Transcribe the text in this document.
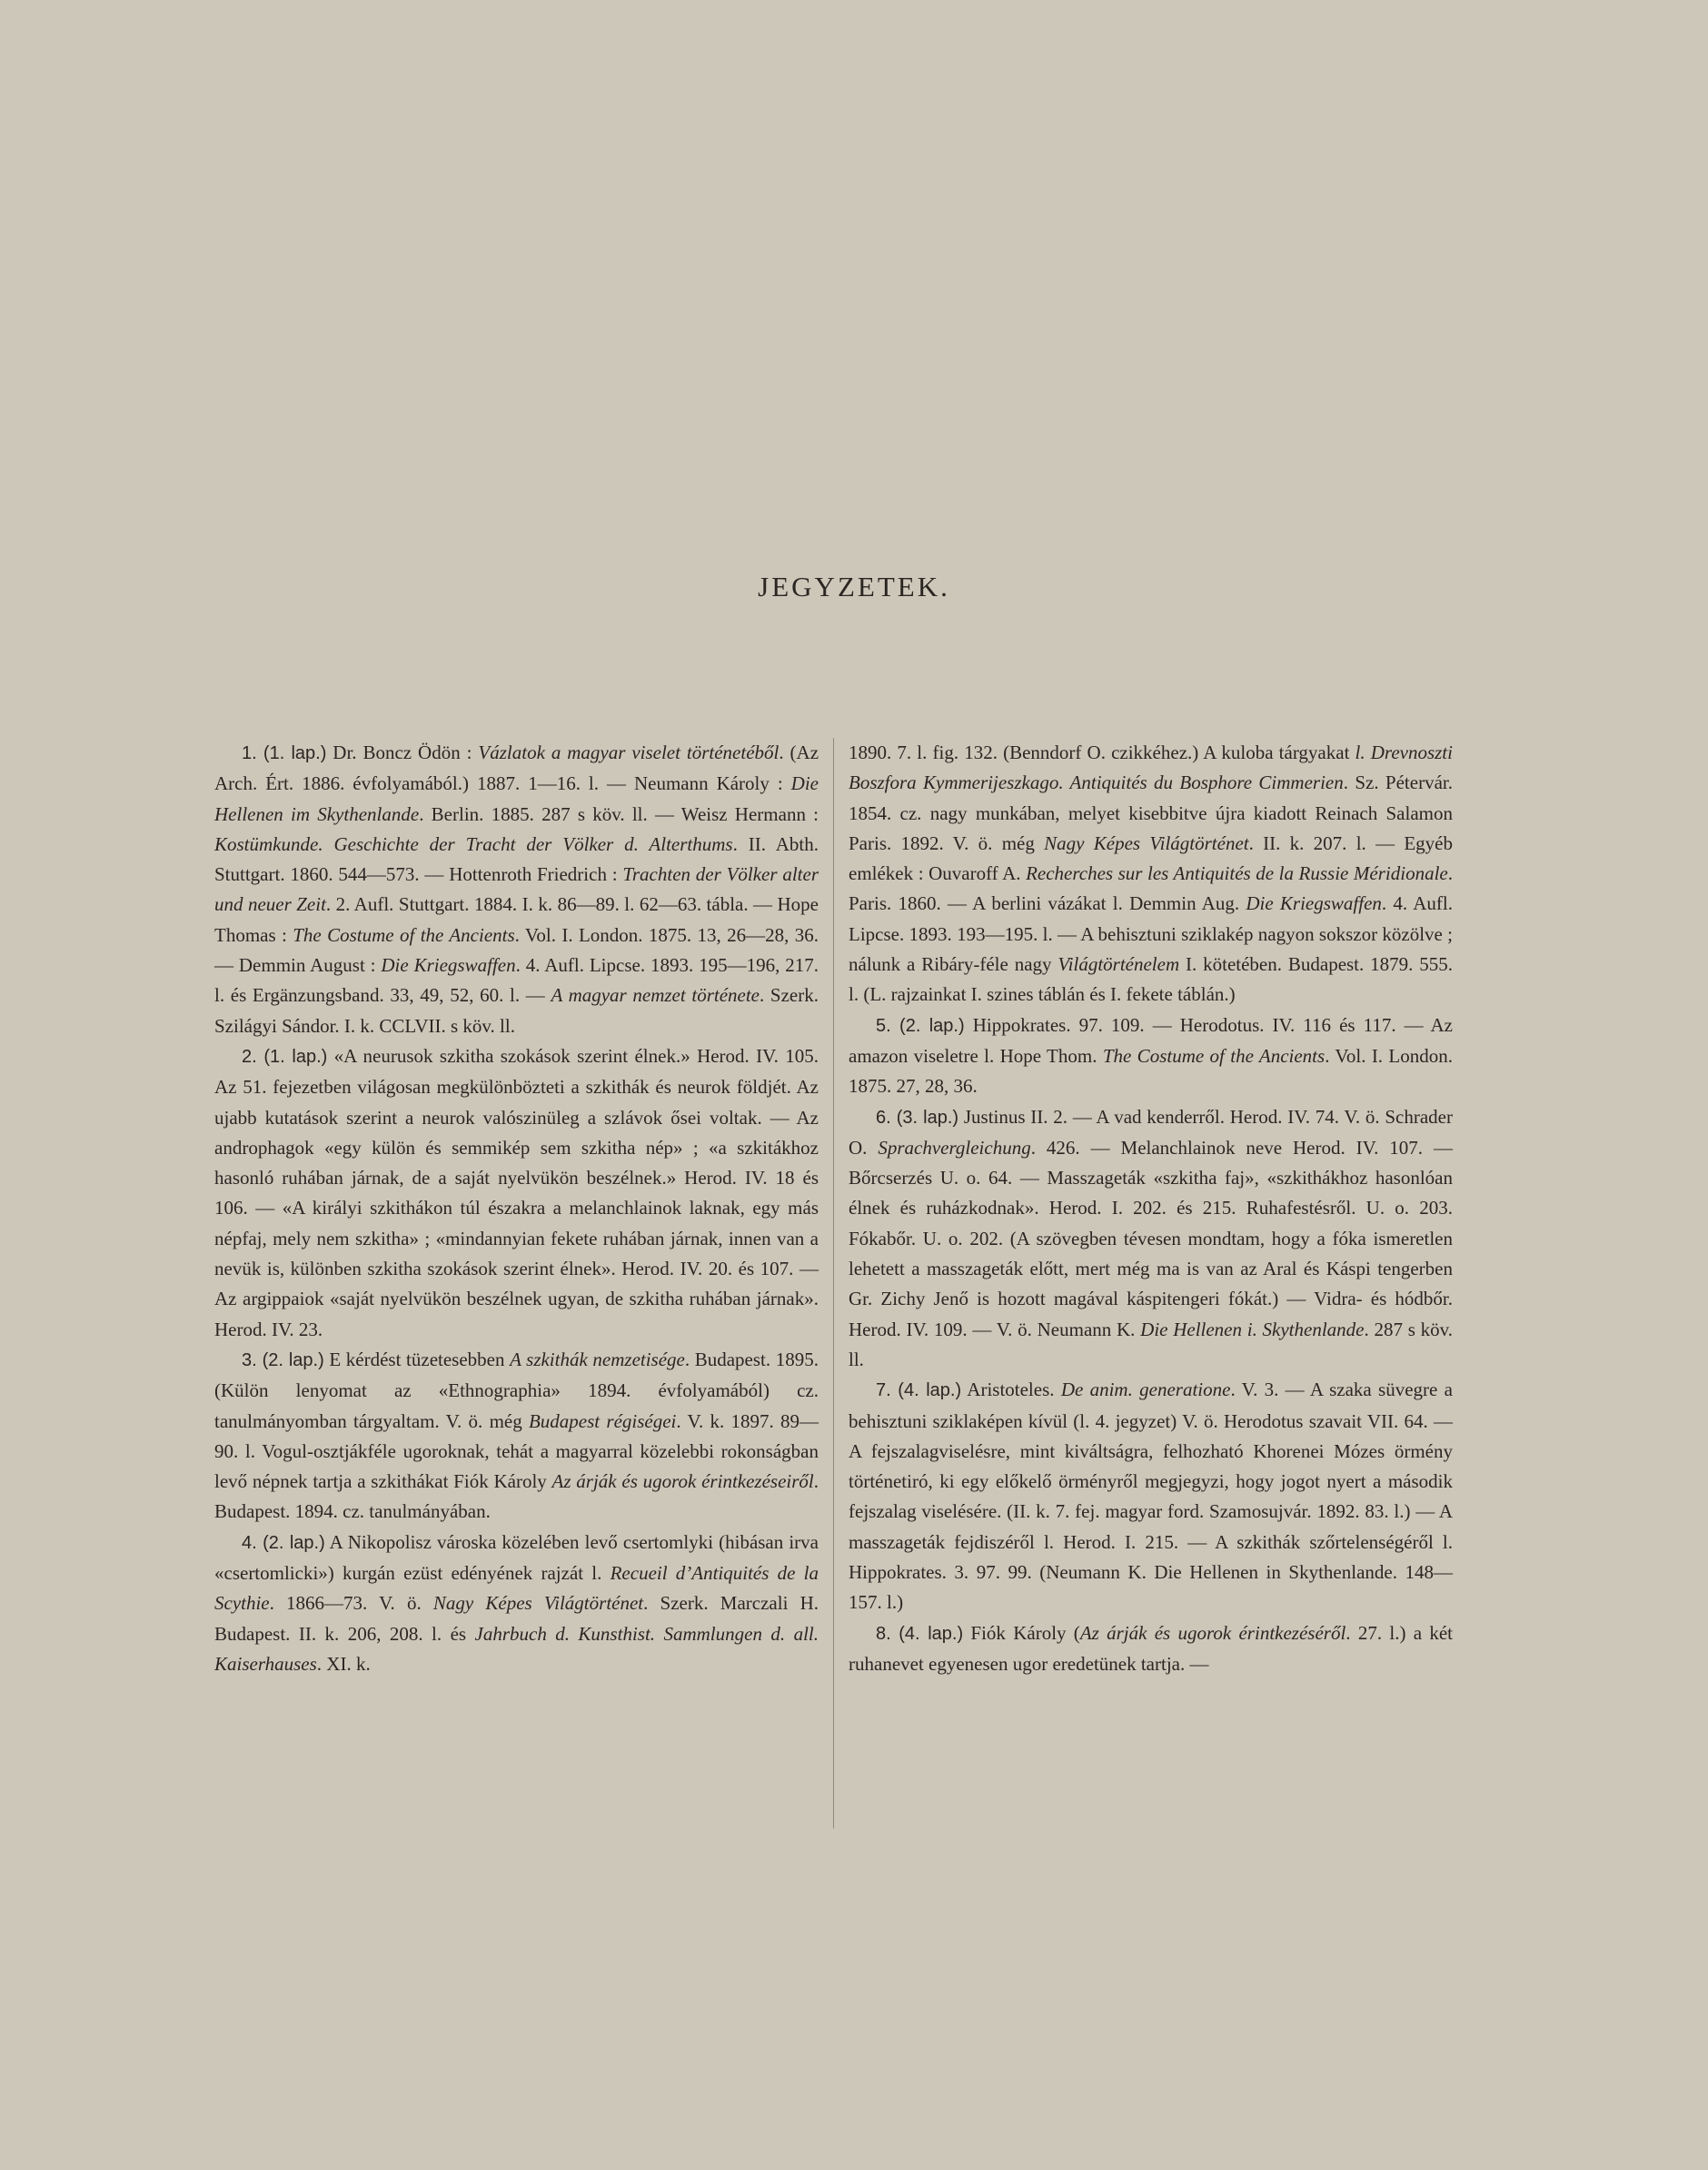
JEGYZETEK.

1. (1. lap.) Dr. Bοncz Ödön : Vázlatok a magyar viselet történetéből. (Az Arch. Ért. 1886. évfolyamából.) 1887. 1—16. l. — Neumann Károly : Die Hellenen im Skythenlande. Berlin. 1885. 287 s köv. ll. — Weisz Hermann : Kostümkunde. Geschichte der Tracht der Völker d. Alterthums. II. Abth. Stuttgart. 1860. 544—573. — Hottenroth Friedrich : Trachten der Völker alter und neuer Zeit. 2. Aufl. Stuttgart. 1884. I. k. 86—89. l. 62—63. tábla. — Hope Thomas : The Costume of the Ancients. Vol. I. London. 1875. 13, 26—28, 36. — Demmin August : Die Kriegswaffen. 4. Aufl. Lipcse. 1893. 195—196, 217. l. és Ergänzungsband. 33, 49, 52, 60. l. — A magyar nemzet története. Szerk. Szilágyi Sándor. I. k. CCLVII. s köv. ll.

2. (1. lap.) «A neurusok szkitha szokások szerint élnek.» Herod. IV. 105. Az 51. fejezetben világosan megkülönbözteti a szkithák és neurok földjét. Az ujabb kutatások szerint a neurok valószinüleg a szlávok ősei voltak. — Az androphagok «egy külön és semmikép sem szkitha nép» ; «a szkitákhoz hasonló ruhában járnak, de a saját nyelvükön beszélnek.» Herod. IV. 18 és 106. — «A királyi szkithákon túl északra a melanchlainok laknak, egy más népfaj, mely nem szkitha» ; «mindannyian fekete ruhában járnak, innen van a nevük is, különben szkitha szokások szerint élnek». Herod. IV. 20. és 107. — Az argippaiok «saját nyelvükön beszélnek ugyan, de szkitha ruhában járnak». Herod. IV. 23.

3. (2. lap.) E kérdést tüzetesebben A szkithák nemzetisége. Budapest. 1895. (Külön lenyomat az «Ethnographia» 1894. évfolyamából) cz. tanulmányomban tárgyaltam. V. ö. még Budapest régiségei. V. k. 1897. 89—90. l. Vogul-osztjákféle ugoroknak, tehát a magyarral közelebbi rokonságban levő népnek tartja a szkithákat Fiók Károly Az árják és ugorok érintkezéseiről. Budapest. 1894. cz. tanulmányában.

4. (2. lap.) A Nikopolisz városka közelében levő csertomlyki (hibásan irva «csertomlicki») kurgán ezüst edényének rajzát l. Recueil d’Antiquités de la Scythie. 1866—73. V. ö. Nagy Képes Világtörténet. Szerk. Marczali H. Budapest. II. k. 206, 208. l. és Jahrbuch d. Kunsthist. Sammlungen d. all. Kaiserhauses. XI. k.

1890. 7. l. fig. 132. (Benndorf O. czikkéhez.) A kuloba tárgyakat l. Drevnoszti Boszfora Kymmerijeszkago. Antiquités du Bosphore Cimmerien. Sz. Pétervár. 1854. cz. nagy munkában, melyet kisebbitve újra kiadott Reinach Salamon Paris. 1892. V. ö. még Nagy Képes Világtörténet. II. k. 207. l. — Egyéb emlékek : Ouvaroff A. Recherches sur les Antiquités de la Russie Méridionale. Paris. 1860. — A berlini vázákat l. Demmin Aug. Die Kriegswaffen. 4. Aufl. Lipcse. 1893. 193—195. l. — A behisztuni sziklakép nagyon sokszor közölve ; nálunk a Ribáry-féle nagy Világtörténelem I. kötetében. Budapest. 1879. 555. l. (L. rajzainkat I. szines táblán és I. fekete táblán.)

5. (2. lap.) Hippokrates. 97. 109. — Herodotus. IV. 116 és 117. — Az amazon viseletre l. Hope Thom. The Costume of the Ancients. Vol. I. London. 1875. 27, 28, 36.

6. (3. lap.) Justinus II. 2. — A vad kenderről. Herod. IV. 74. V. ö. Schrader O. Sprachvergleichung. 426. — Melanchlainok neve Herod. IV. 107. — Bőrcserzés U. o. 64. — Masszageták «szkitha faj», «szkithákhoz hasonlóan élnek és ruházkodnak». Herod. I. 202. és 215. Ruhafestésről. U. o. 203. Fókabőr. U. o. 202. (A szövegben tévesen mondtam, hogy a fóka ismeretlen lehetett a masszageták előtt, mert még ma is van az Aral és Káspi tengerben Gr. Zichy Jenő is hozott magával káspitengeri fókát.) — Vidra- és hódbőr. Herod. IV. 109. — V. ö. Neumann K. Die Hellenen i. Skythenlande. 287 s köv. ll.

7. (4. lap.) Aristoteles. De anim. generatione. V. 3. — A szaka süvegre a behisztuni sziklaképen kívül (l. 4. jegyzet) V. ö. Herodotus szavait VII. 64. — A fejszalagviselésre, mint kiváltságra, felhozható Khorenei Mózes örmény történetiró, ki egy előkelő örményről megjegyzi, hogy jogot nyert a második fejszalag viselésére. (II. k. 7. fej. magyar ford. Szamosujvár. 1892. 83. l.) — A masszageták fejdiszéről l. Herod. I. 215. — A szkithák szőrtelenségéről l. Hippokrates. 3. 97. 99. (Neumann K. Die Hellenen in Skythenlande. 148—157. l.)

8. (4. lap.) Fiók Károly (Az árják és ugorok érintkezéséről. 27. l.) a két ruhanevet egyenesen ugor eredetünek tartja. —
